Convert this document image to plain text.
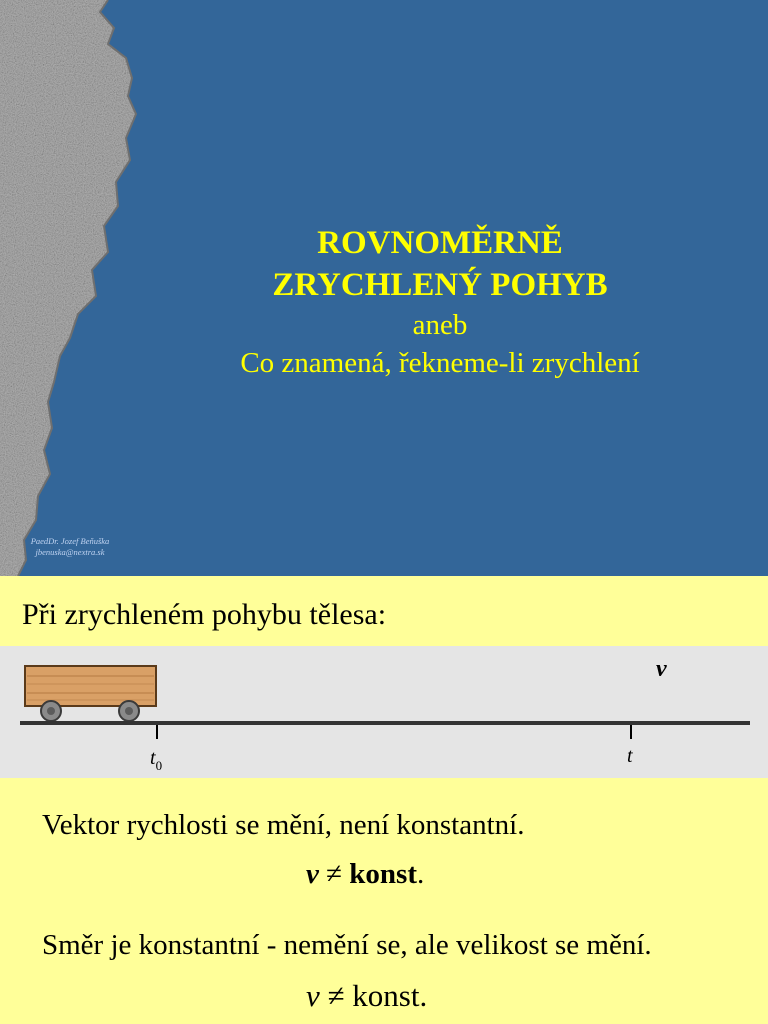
ROVNOMĚRNĚ
ZRYCHLENÝ POHYB
aneb
Co znamená, řekneme-li zrychlení
PaedDr. Jozef Beňuška
jbenuska@nextra.sk
Při zrychleném pohybu tělesa:
v
$t_0$	t
Vektor rychlosti se mění, není konstantní.
v ≠ konst.
Směr je konstantní - nemění se, ale velikost se mění.
v ≠ konst.
